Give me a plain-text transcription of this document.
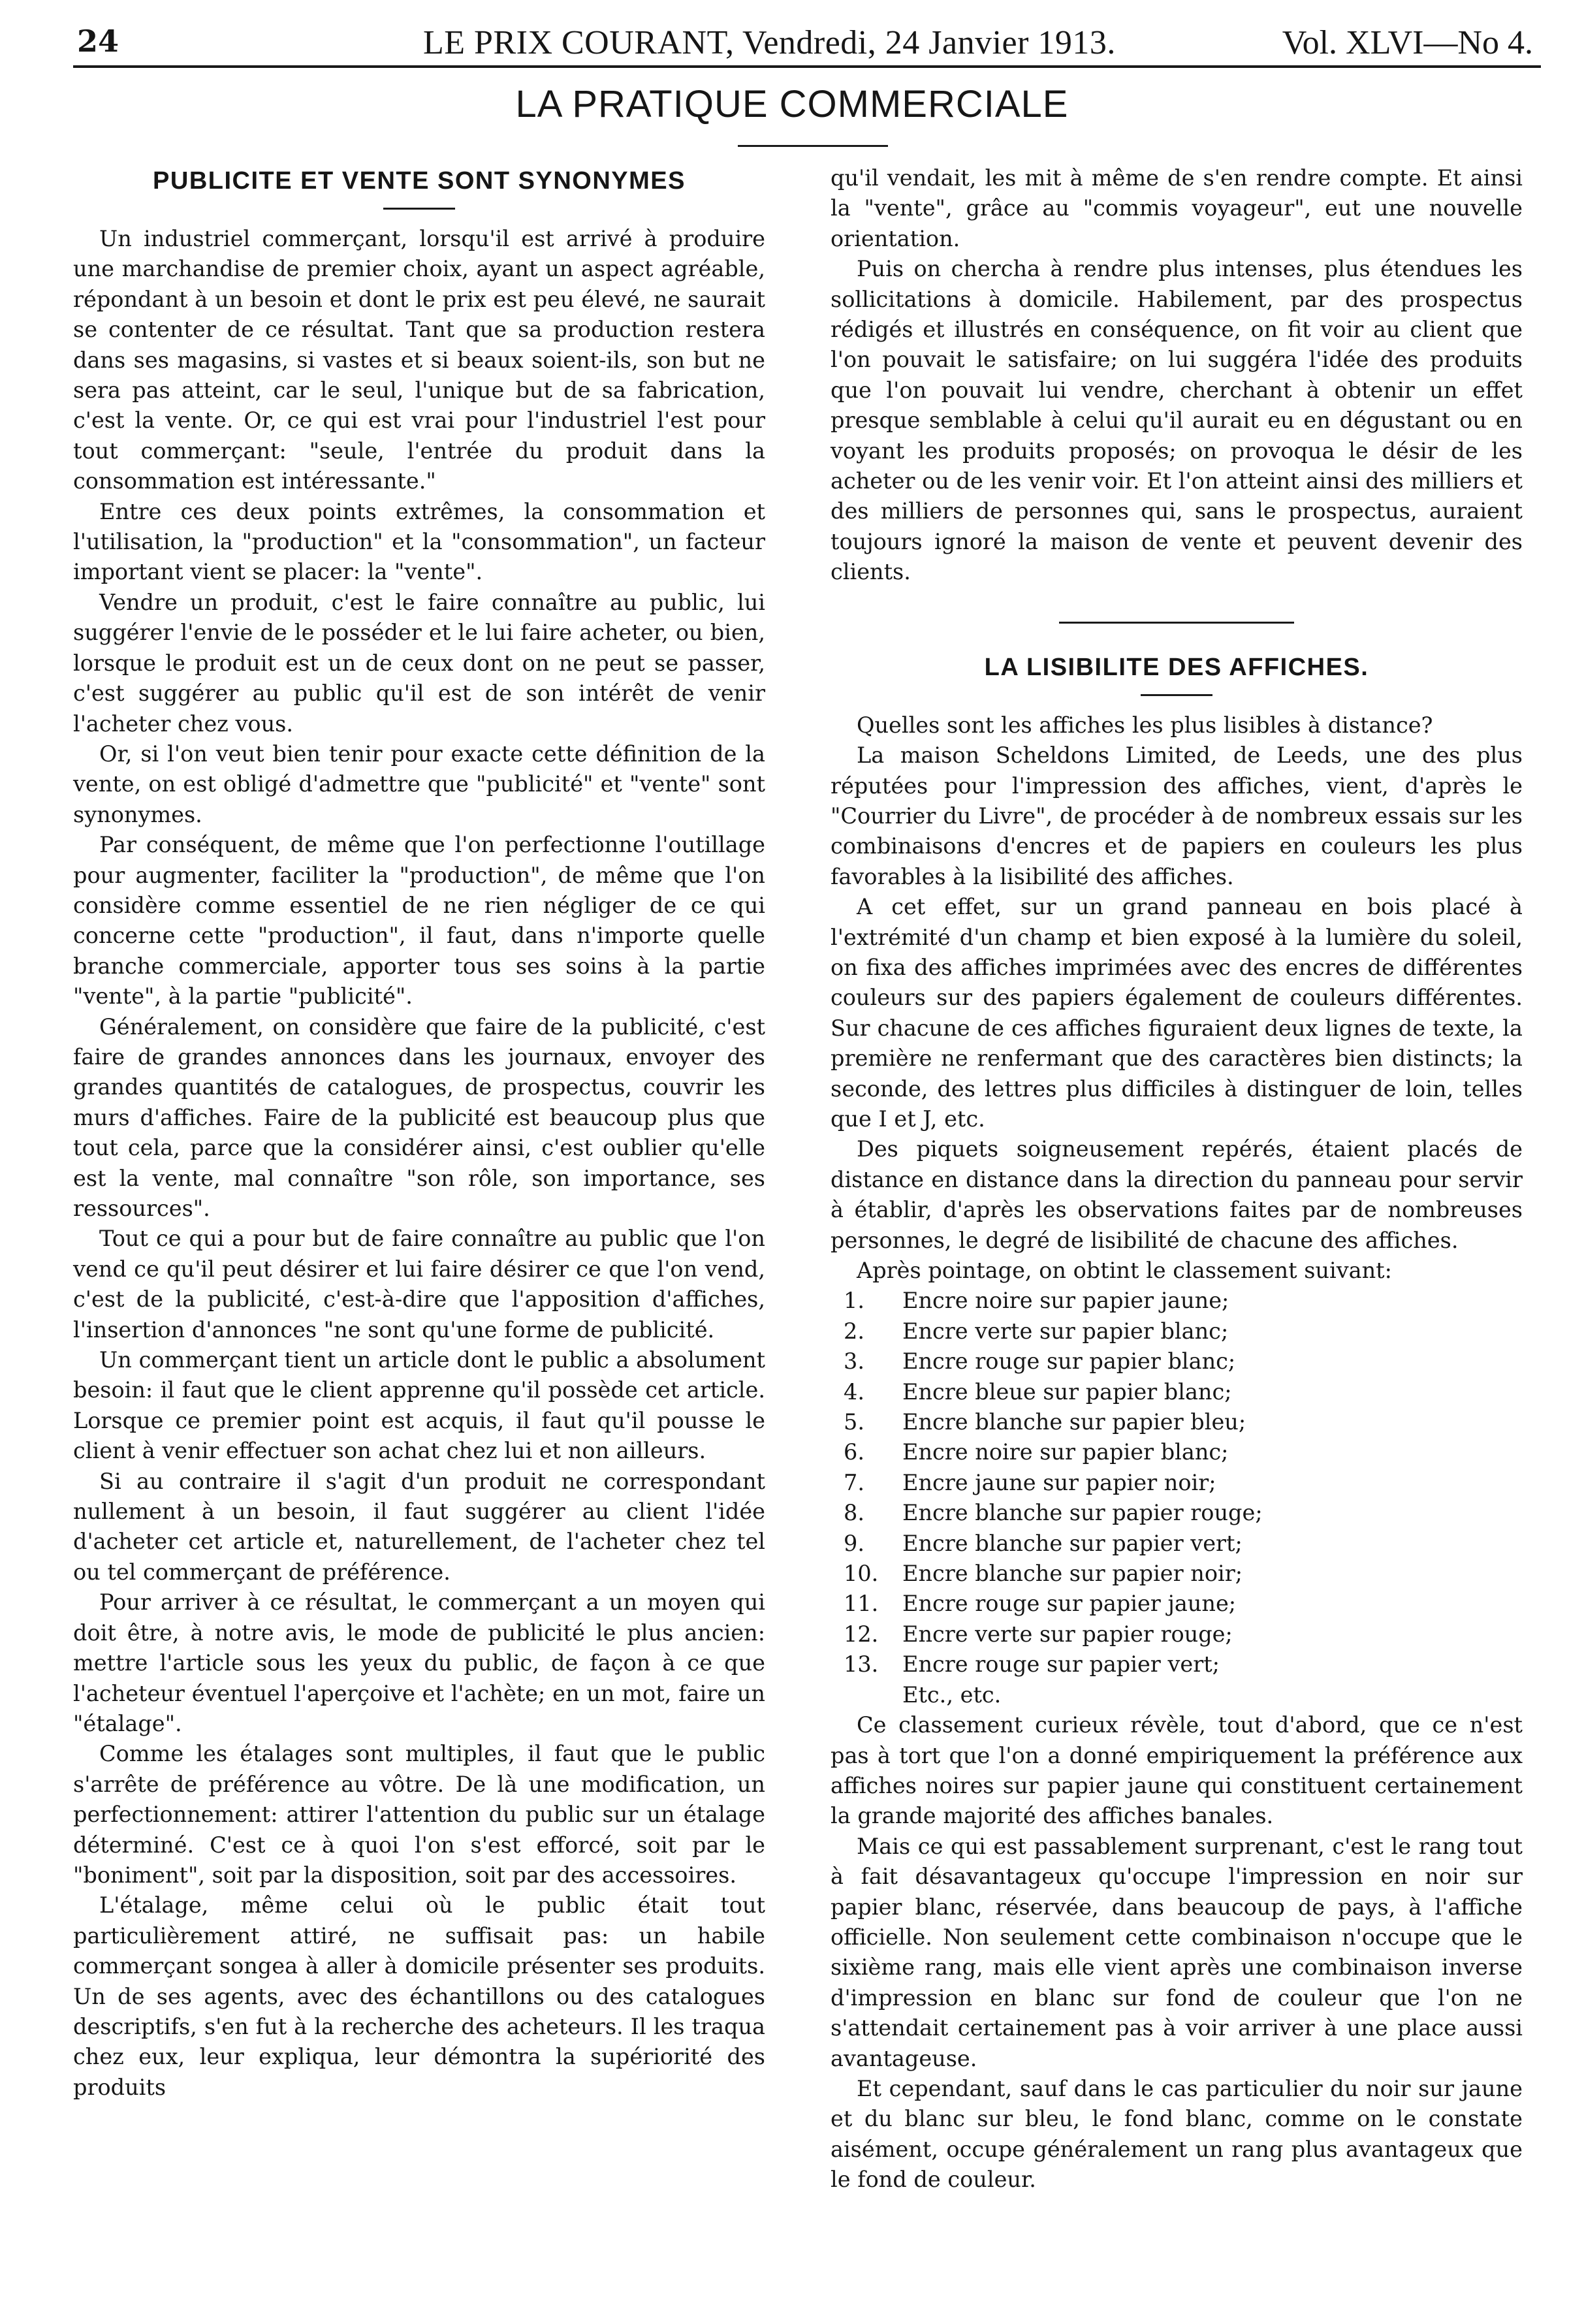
24	LE PRIX COURANT, Vendredi, 24 Janvier 1913.	Vol. XLVI—No 4.
LA PRATIQUE COMMERCIALE
PUBLICITE ET VENTE SONT SYNONYMES

Un industriel commerçant, lorsqu'il est arrivé à produire une marchandise de premier choix, ayant un aspect agréable, répondant à un besoin et dont le prix est peu élevé, ne saurait se contenter de ce résultat. Tant que sa production restera dans ses magasins, si vastes et si beaux soient-ils, son but ne sera pas atteint, car le seul, l'unique but de sa fabrication, c'est la vente. Or, ce qui est vrai pour l'industriel l'est pour tout commerçant: "seule, l'entrée du produit dans la consommation est intéressante."

Entre ces deux points extrêmes, la consommation et l'utilisation, la "production" et la "consommation", un facteur important vient se placer: la "vente".

Vendre un produit, c'est le faire connaître au public, lui suggérer l'envie de le posséder et le lui faire acheter, ou bien, lorsque le produit est un de ceux dont on ne peut se passer, c'est suggérer au public qu'il est de son intérêt de venir l'acheter chez vous.

Or, si l'on veut bien tenir pour exacte cette définition de la vente, on est obligé d'admettre que "publicité" et "vente" sont synonymes.

Par conséquent, de même que l'on perfectionne l'outillage pour augmenter, faciliter la "production", de même que l'on considère comme essentiel de ne rien négliger de ce qui concerne cette "production", il faut, dans n'importe quelle branche commerciale, apporter tous ses soins à la partie "vente", à la partie "publicité".

Généralement, on considère que faire de la publicité, c'est faire de grandes annonces dans les journaux, envoyer des grandes quantités de catalogues, de prospectus, couvrir les murs d'affiches. Faire de la publicité est beaucoup plus que tout cela, parce que la considérer ainsi, c'est oublier qu'elle est la vente, mal connaître "son rôle, son importance, ses ressources".

Tout ce qui a pour but de faire connaître au public que l'on vend ce qu'il peut désirer et lui faire désirer ce que l'on vend, c'est de la publicité, c'est-à-dire que l'apposition d'affiches, l'insertion d'annonces "ne sont qu'une forme de publicité.

Un commerçant tient un article dont le public a absolument besoin: il faut que le client apprenne qu'il possède cet article. Lorsque ce premier point est acquis, il faut qu'il pousse le client à venir effectuer son achat chez lui et non ailleurs.

Si au contraire il s'agit d'un produit ne correspondant nullement à un besoin, il faut suggérer au client l'idée d'acheter cet article et, naturellement, de l'acheter chez tel ou tel commerçant de préférence.

Pour arriver à ce résultat, le commerçant a un moyen qui doit être, à notre avis, le mode de publicité le plus ancien: mettre l'article sous les yeux du public, de façon à ce que l'acheteur éventuel l'aperçoive et l'achète; en un mot, faire un "étalage".

Comme les étalages sont multiples, il faut que le public s'arrête de préférence au vôtre. De là une modification, un perfectionnement: attirer l'attention du public sur un étalage déterminé. C'est ce à quoi l'on s'est efforcé, soit par le "boniment", soit par la disposition, soit par des accessoires.

L'étalage, même celui où le public était tout particulièrement attiré, ne suffisait pas: un habile commerçant songea à aller à domicile présenter ses produits. Un de ses agents, avec des échantillons ou des catalogues descriptifs, s'en fut à la recherche des acheteurs. Il les traqua chez eux, leur expliqua, leur démontra la supériorité des produits

qu'il vendait, les mit à même de s'en rendre compte. Et ainsi la "vente", grâce au "commis voyageur", eut une nouvelle orientation.

Puis on chercha à rendre plus intenses, plus étendues les sollicitations à domicile. Habilement, par des prospectus rédigés et illustrés en conséquence, on fit voir au client que l'on pouvait le satisfaire; on lui suggéra l'idée des produits que l'on pouvait lui vendre, cherchant à obtenir un effet presque semblable à celui qu'il aurait eu en dégustant ou en voyant les produits proposés; on provoqua le désir de les acheter ou de les venir voir. Et l'on atteint ainsi des milliers et des milliers de personnes qui, sans le prospectus, auraient toujours ignoré la maison de vente et peuvent devenir des clients.

LA LISIBILITE DES AFFICHES.

Quelles sont les affiches les plus lisibles à distance?

La maison Scheldons Limited, de Leeds, une des plus réputées pour l'impression des affiches, vient, d'après le "Courrier du Livre", de procéder à de nombreux essais sur les combinaisons d'encres et de papiers en couleurs les plus favorables à la lisibilité des affiches.

A cet effet, sur un grand panneau en bois placé à l'extrémité d'un champ et bien exposé à la lumière du soleil, on fixa des affiches imprimées avec des encres de différentes couleurs sur des papiers également de couleurs différentes. Sur chacune de ces affiches figuraient deux lignes de texte, la première ne renfermant que des caractères bien distincts; la seconde, des lettres plus difficiles à distinguer de loin, telles que I et J, etc.

Des piquets soigneusement repérés, étaient placés de distance en distance dans la direction du panneau pour servir à établir, d'après les observations faites par de nombreuses personnes, le degré de lisibilité de chacune des affiches.

Après pointage, on obtint le classement suivant:

1.	Encre noire sur papier jaune;
2.	Encre verte sur papier blanc;
3.	Encre rouge sur papier blanc;
4.	Encre bleue sur papier blanc;
5.	Encre blanche sur papier bleu;
6.	Encre noire sur papier blanc;
7.	Encre jaune sur papier noir;
8.	Encre blanche sur papier rouge;
9.	Encre blanche sur papier vert;
10. Encre blanche sur papier noir;
11. Encre rouge sur papier jaune;
12. Encre verte sur papier rouge;
13. Encre rouge sur papier vert;
Etc., etc.

Ce classement curieux révèle, tout d'abord, que ce n'est pas à tort que l'on a donné empiriquement la préférence aux affiches noires sur papier jaune qui constituent certainement la grande majorité des affiches banales.

Mais ce qui est passablement surprenant, c'est le rang tout à fait désavantageux qu'occupe l'impression en noir sur papier blanc, réservée, dans beaucoup de pays, à l'affiche officielle. Non seulement cette combinaison n'occupe que le sixième rang, mais elle vient après une combinaison inverse d'impression en blanc sur fond de couleur que l'on ne s'attendait certainement pas à voir arriver à une place aussi avantageuse.

Et cependant, sauf dans le cas particulier du noir sur jaune et du blanc sur bleu, le fond blanc, comme on le constate aisément, occupe généralement un rang plus avantageux que le fond de couleur.
